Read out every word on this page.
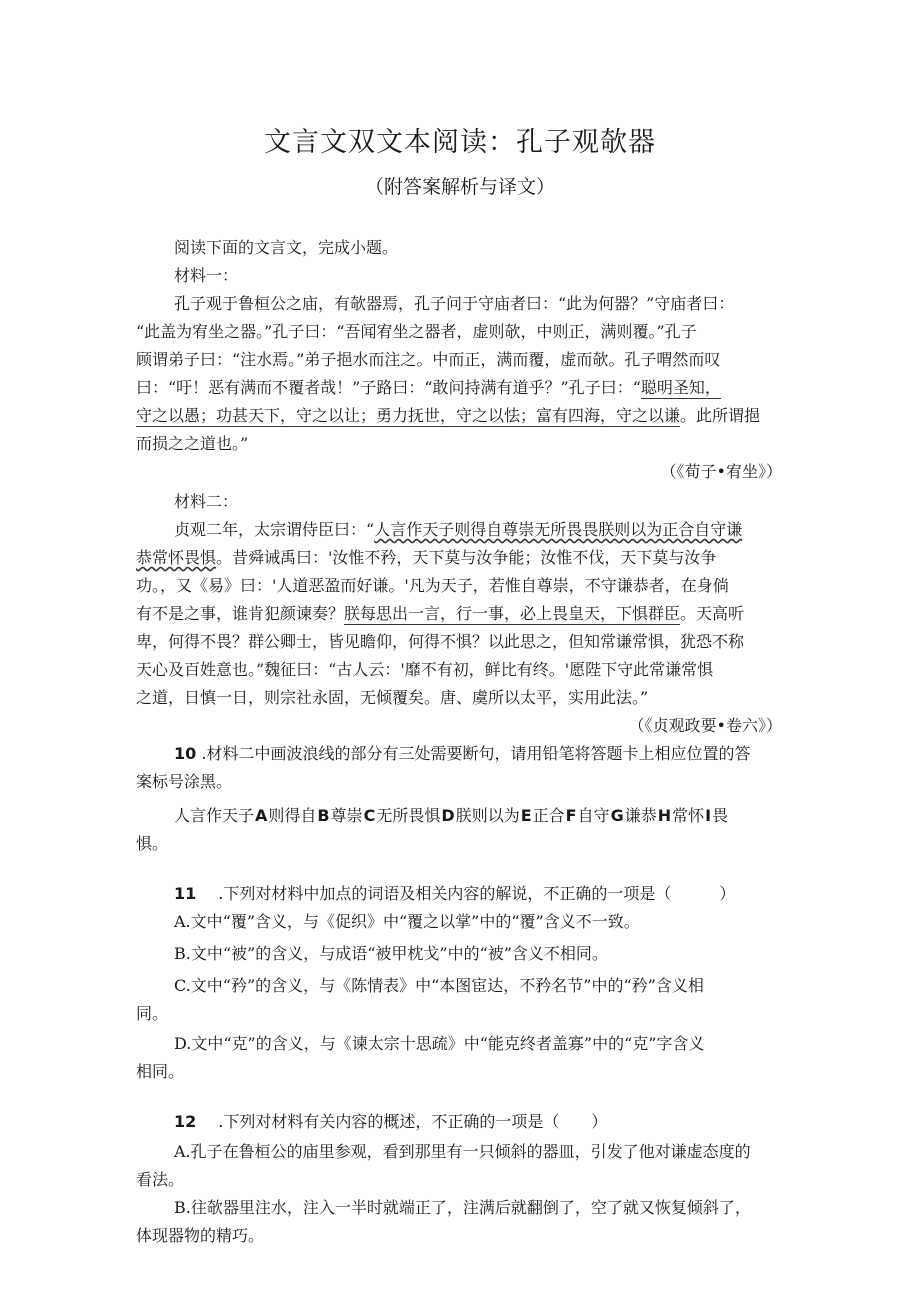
文言文双文本阅读：孔子观欹器
（附答案解析与译文）
阅读下面的文言文，完成小题。
材料一：
孔子观于鲁桓公之庙，有欹器焉，孔子问于守庙者曰：“此为何器？”守庙者曰：
“此盖为宥坐之器。”孔子曰：“吾闻宥坐之器者，虚则欹，中则正，满则覆。”孔子
顾谓弟子曰：“注水焉。”弟子挹水而注之。中而正，满而覆，虚而欹。孔子喟然而叹
曰：“吁！恶有满而不覆者哉！”子路曰：“敢问持满有道乎？”孔子曰：“聪明圣知，
守之以愚；功甚天下，守之以让；勇力抚世，守之以怯；富有四海，守之以谦。此所谓挹
而损之之道也。”
（《荀子•宥坐》）
材料二：
贞观二年，太宗谓侍臣曰：“人言作天子则得自尊崇无所畏畏朕则以为正合自守谦
恭常怀畏惧。昔舜诫禹曰：'汝惟不矜，天下莫与汝争能；汝惟不伐，天下莫与汝争
功。，又《易》曰：'人道恶盈而好谦。'凡为天子，若惟自尊崇，不守谦恭者，在身倘
有不是之事，谁肯犯颜谏奏？朕每思出一言，行一事，必上畏皇天，下惧群臣。天高听
卑，何得不畏？群公卿士，皆见瞻仰，何得不惧？以此思之，但知常谦常惧，犹恐不称
天心及百姓意也。”魏征曰：“古人云：'靡不有初，鲜比有终。'愿陛下守此常谦常惧
之道，日慎一日，则宗社永固，无倾覆矣。唐、虞所以太平，实用此法。”
（《贞观政要•卷六》）
10 .材料二中画波浪线的部分有三处需要断句，请用铅笔将答题卡上相应位置的答
案标号涂黑。
人言作天子A则得自B尊崇C无所畏惧D朕则以为E正合F自守G谦恭H常怀I畏
惧。
11 .下列对材料中加点的词语及相关内容的解说，不正确的一项是（　　　）
A.文中“覆”含义，与《促织》中“覆之以掌”中的“覆”含义不一致。
B.文中“被”的含义，与成语“被甲枕戈”中的“被”含义不相同。
C.文中“矜”的含义，与《陈情表》中“本图宦达，不矜名节”中的“矜”含义相
同。
D.文中“克”的含义，与《谏太宗十思疏》中“能克终者盖寡”中的“克”字含义
相同。
12 .下列对材料有关内容的概述，不正确的一项是（　　）
A.孔子在鲁桓公的庙里参观，看到那里有一只倾斜的器皿，引发了他对谦虚态度的
看法。
B.往欹器里注水，注入一半时就端正了，注满后就翻倒了，空了就又恢复倾斜了，
体现器物的精巧。
